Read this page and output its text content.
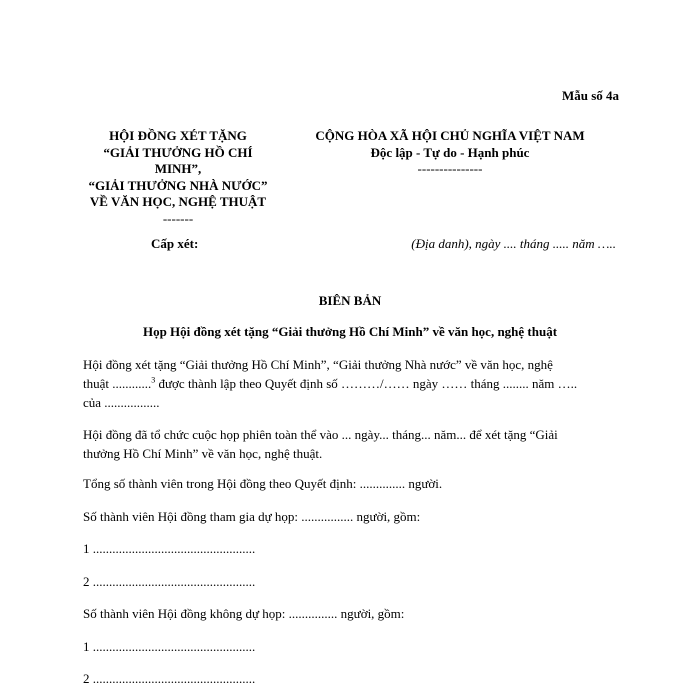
Mẫu số 4a
HỘI ĐỒNG XÉT TẶNG
“GIẢI THƯỞNG HỒ CHÍ
MINH”,
“GIẢI THƯỞNG NHÀ NƯỚC”
VỀ VĂN HỌC, NGHỆ THUẬT
-------
Cấp xét:
CỘNG HÒA XÃ HỘI CHỦ NGHĨA VIỆT NAM
Độc lập - Tự do - Hạnh phúc
---------------
(Địa danh), ngày .... tháng ..... năm …..
BIÊN BẢN
Họp Hội đồng xét tặng “Giải thưởng Hồ Chí Minh” về văn học, nghệ thuật
Hội đồng xét tặng “Giải thưởng Hồ Chí Minh”, “Giải thưởng Nhà nước” về văn học, nghệ
thuật ............$^3$ được thành lập theo Quyết định số ………/…… ngày …… tháng ........ năm …..
của .................
Hội đồng đã tổ chức cuộc họp phiên toàn thể vào ... ngày... tháng... năm... để xét tặng “Giải
thưởng Hồ Chí Minh” về văn học, nghệ thuật.
Tổng số thành viên trong Hội đồng theo Quyết định: .............. người.
Số thành viên Hội đồng tham gia dự họp: ................ người, gồm:
1 ..................................................
2 ..................................................
Số thành viên Hội đồng không dự họp: ............... người, gồm:
1 ..................................................
2 ..................................................
